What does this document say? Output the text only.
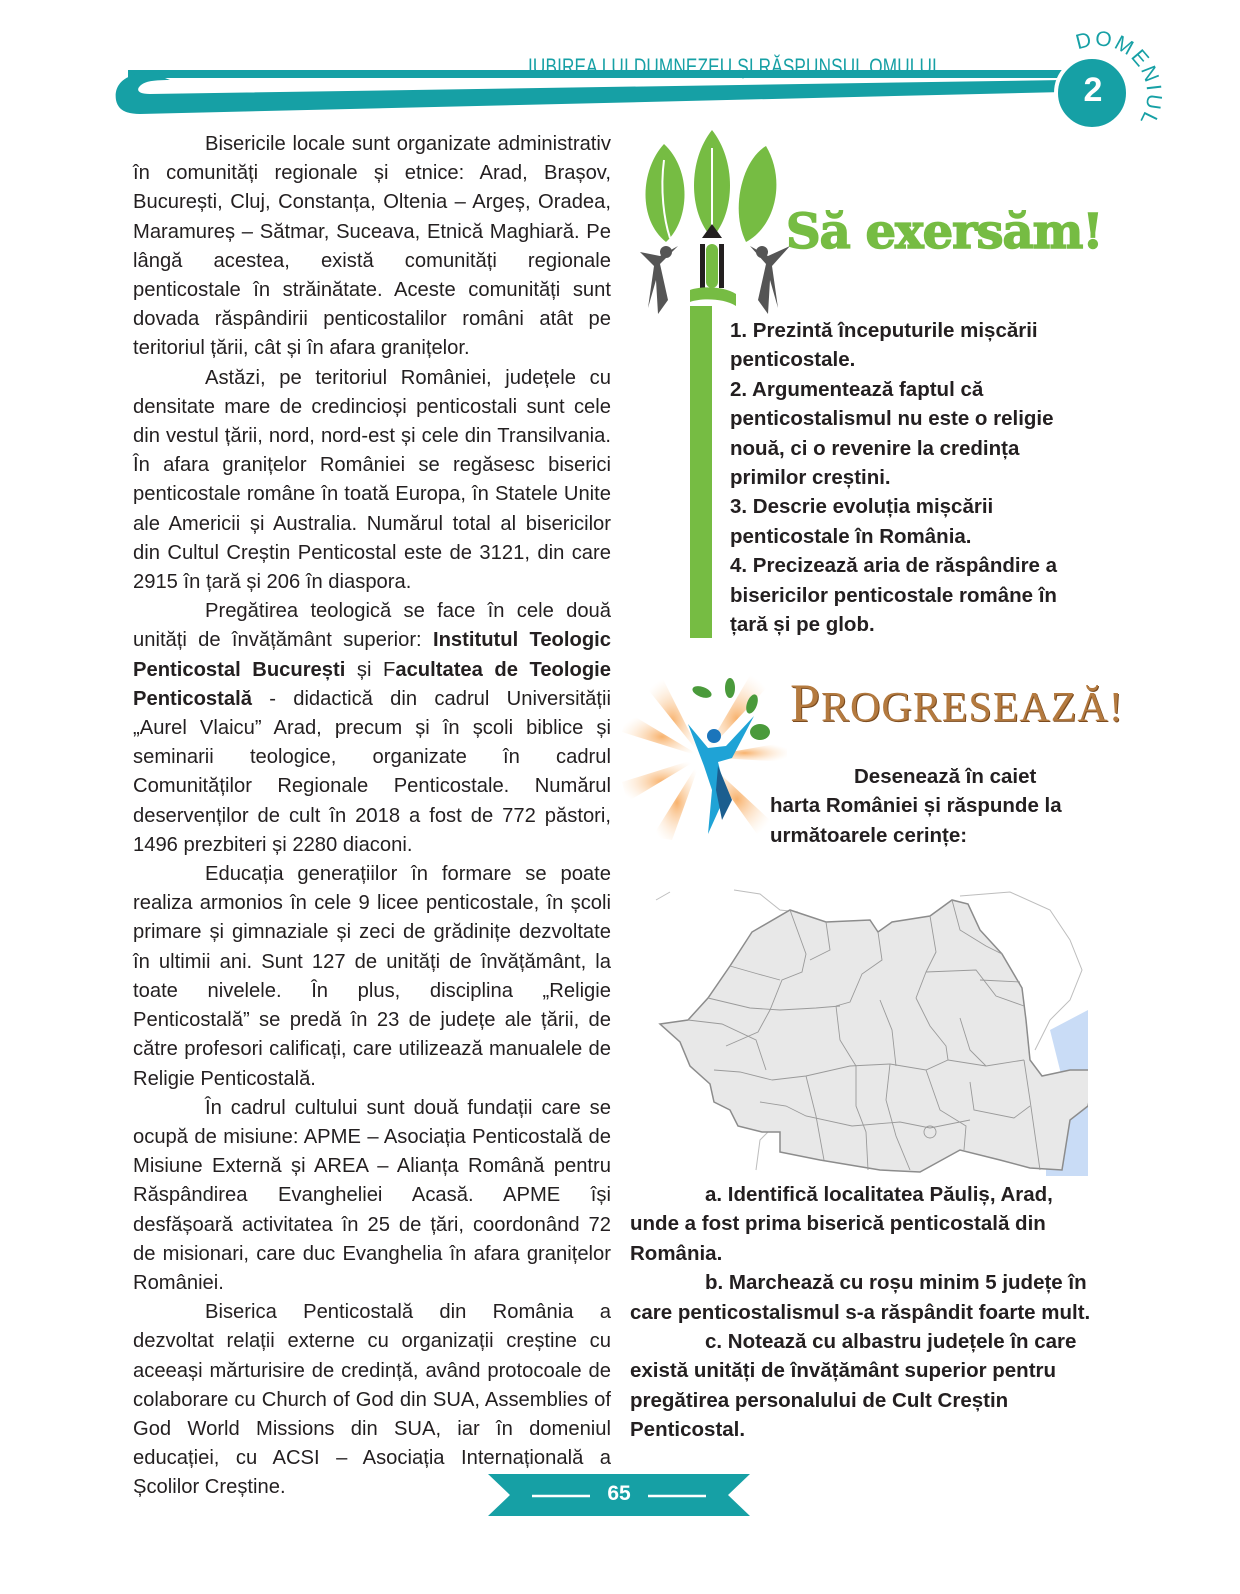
DOMENIUL
IUBIREA LUI DUMNEZEU ȘI RĂSPUNSUL OMULUI
2

Bisericile locale sunt organizate administrativ în comunități regionale și etnice: Arad, Brașov, București, Cluj, Constanța, Oltenia – Argeș, Oradea, Maramureș – Sătmar, Suceava, Etnică Maghiară. Pe lângă acestea, există comunități regionale penticostale în străinătate. Aceste comunități sunt dovada răspândirii penticostalilor români atât pe teritoriul țării, cât și în afara granițelor.

Astăzi, pe teritoriul României, județele cu densitate mare de credincioși penticostali sunt cele din vestul țării, nord, nord-est și cele din Transilvania. În afara granițelor României se regăsesc biserici penticostale române în toată Europa, în Statele Unite ale Americii și Australia. Numărul total al bisericilor din Cultul Creștin Penticostal este de 3121, din care 2915 în țară și 206 în diaspora.

Pregătirea teologică se face în cele două unități de învățământ superior: Institutul Teologic Penticostal București și Facultatea de Teologie Penticostală - didactică din cadrul Universității „Aurel Vlaicu” Arad, precum și în școli biblice și seminarii teologice, organizate în cadrul Comunităților Regionale Penticostale. Numărul deservenților de cult în 2018 a fost de 772 păstori, 1496 prezbiteri și 2280 diaconi.

Educația generațiilor în formare se poate realiza armonios în cele 9 licee penticostale, în școli primare și gimnaziale și zeci de grădinițe dezvoltate în ultimii ani. Sunt 127 de unități de învățământ, la toate nivelele. În plus, disciplina „Religie Penticostală” se predă în 23 de județe ale țării, de către profesori calificați, care utilizează manualele de Religie Penticostală.

În cadrul cultului sunt două fundații care se ocupă de misiune: APME – Asociația Penticostală de Misiune Externă și AREA – Alianța Română pentru Răspândirea Evangheliei Acasă. APME își desfășoară activitatea în 25 de țări, coordonând 72 de misionari, care duc Evanghelia în afara granițelor României.

Biserica Penticostală din România a dezvoltat relații externe cu organizații creștine cu aceeași mărturisire de credință, având protocoale de colaborare cu Church of God din SUA, Assemblies of God World Missions din SUA, iar în domeniul educației, cu ACSI – Asociația Internațională a Școlilor Creștine.

Să exersăm!
1. Prezintă începuturile mișcării penticostale.
2. Argumentează faptul că penticostalismul nu este o religie nouă, ci o revenire la credința primilor creștini.
3. Descrie evoluția mișcării penticostale în România.
4. Precizează aria de răspândire a bisericilor penticostale române în țară și pe glob.
PROGRESEAZĂ!
Desenează în caiet
harta României și răspunde la următoarele cerințe:

a. Identifică localitatea Păuliș, Arad, unde a fost prima biserică penticostală din România.

b. Marchează cu roșu minim 5 județe în care penticostalismul s-a răspândit foarte mult.

c. Notează cu albastru județele în care există unități de învățământ superior pentru pregătirea personalului de Cult Creștin Penticostal.

65
